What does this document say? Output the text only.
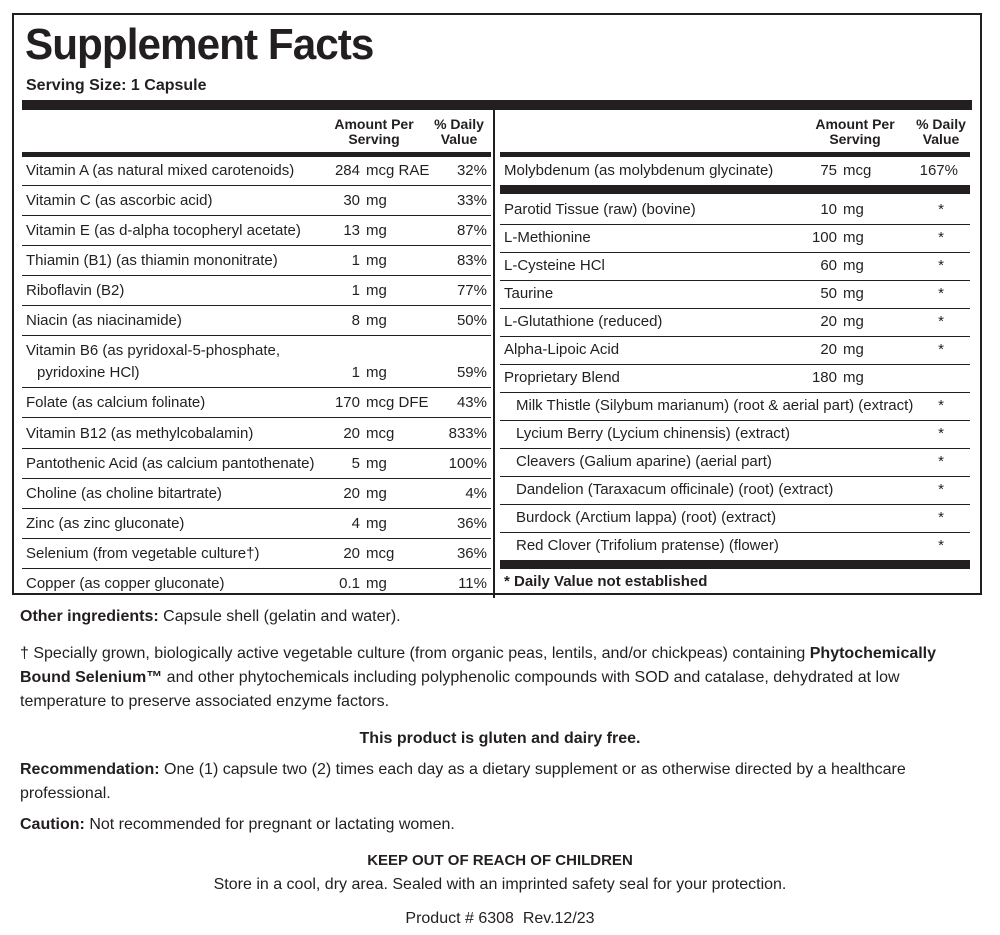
Supplement Facts
Serving Size: 1 Capsule
Amount Per
Serving
% Daily
Value
Amount Per
Serving
% Daily
Value
Vitamin A (as natural mixed carotenoids)	284 mcg RAE	32%
Vitamin C (as ascorbic acid)	30 mg	33%
Vitamin E (as d-alpha tocopheryl acetate)	13 mg	87%
Thiamin (B1) (as thiamin mononitrate)	1 mg	83%
Riboflavin (B2)	1 mg	77%
Niacin (as niacinamide)	8 mg	50%
Vitamin B6 (as pyridoxal-5-phosphate,
pyridoxine HCl)	1 mg	59%
Folate (as calcium folinate)	170 mcg DFE	43%
Vitamin B12 (as methylcobalamin)	20 mcg	833%
Pantothenic Acid (as calcium pantothenate)	5 mg	100%
Choline (as choline bitartrate)	20 mg	4%
Zinc (as zinc gluconate)	4 mg	36%
Selenium (from vegetable culture†)	20 mcg	36%
Copper (as copper gluconate)	0.1 mg	11%
Molybdenum (as molybdenum glycinate)	75 mcg	167%
Parotid Tissue (raw) (bovine)	10 mg	*
L-Methionine	100 mg	*
L-Cysteine HCl	60 mg	*
Taurine	50 mg	*
L-Glutathione (reduced)	20 mg	*
Alpha-Lipoic Acid	20 mg	*
Proprietary Blend	180 mg
Milk Thistle (Silybum marianum) (root & aerial part) (extract) *
Lycium Berry (Lycium chinensis) (extract)	*
Cleavers (Galium aparine) (aerial part)	*
Dandelion (Taraxacum officinale) (root) (extract)	*
Burdock (Arctium lappa) (root) (extract)	*
Red Clover (Trifolium pratense) (flower)	*
* Daily Value not established
Other ingredients: Capsule shell (gelatin and water).
† Specially grown, biologically active vegetable culture (from organic peas, lentils, and/or chickpeas) containing Phytochemically Bound Selenium™ and other phytochemicals including polyphenolic compounds with SOD and catalase, dehydrated at low temperature to preserve associated enzyme factors.
This product is gluten and dairy free.
Recommendation: One (1) capsule two (2) times each day as a dietary supplement or as otherwise directed by a healthcare professional.
Caution: Not recommended for pregnant or lactating women.
KEEP OUT OF REACH OF CHILDREN
Store in a cool, dry area. Sealed with an imprinted safety seal for your protection.
Product # 6308  Rev.12/23
